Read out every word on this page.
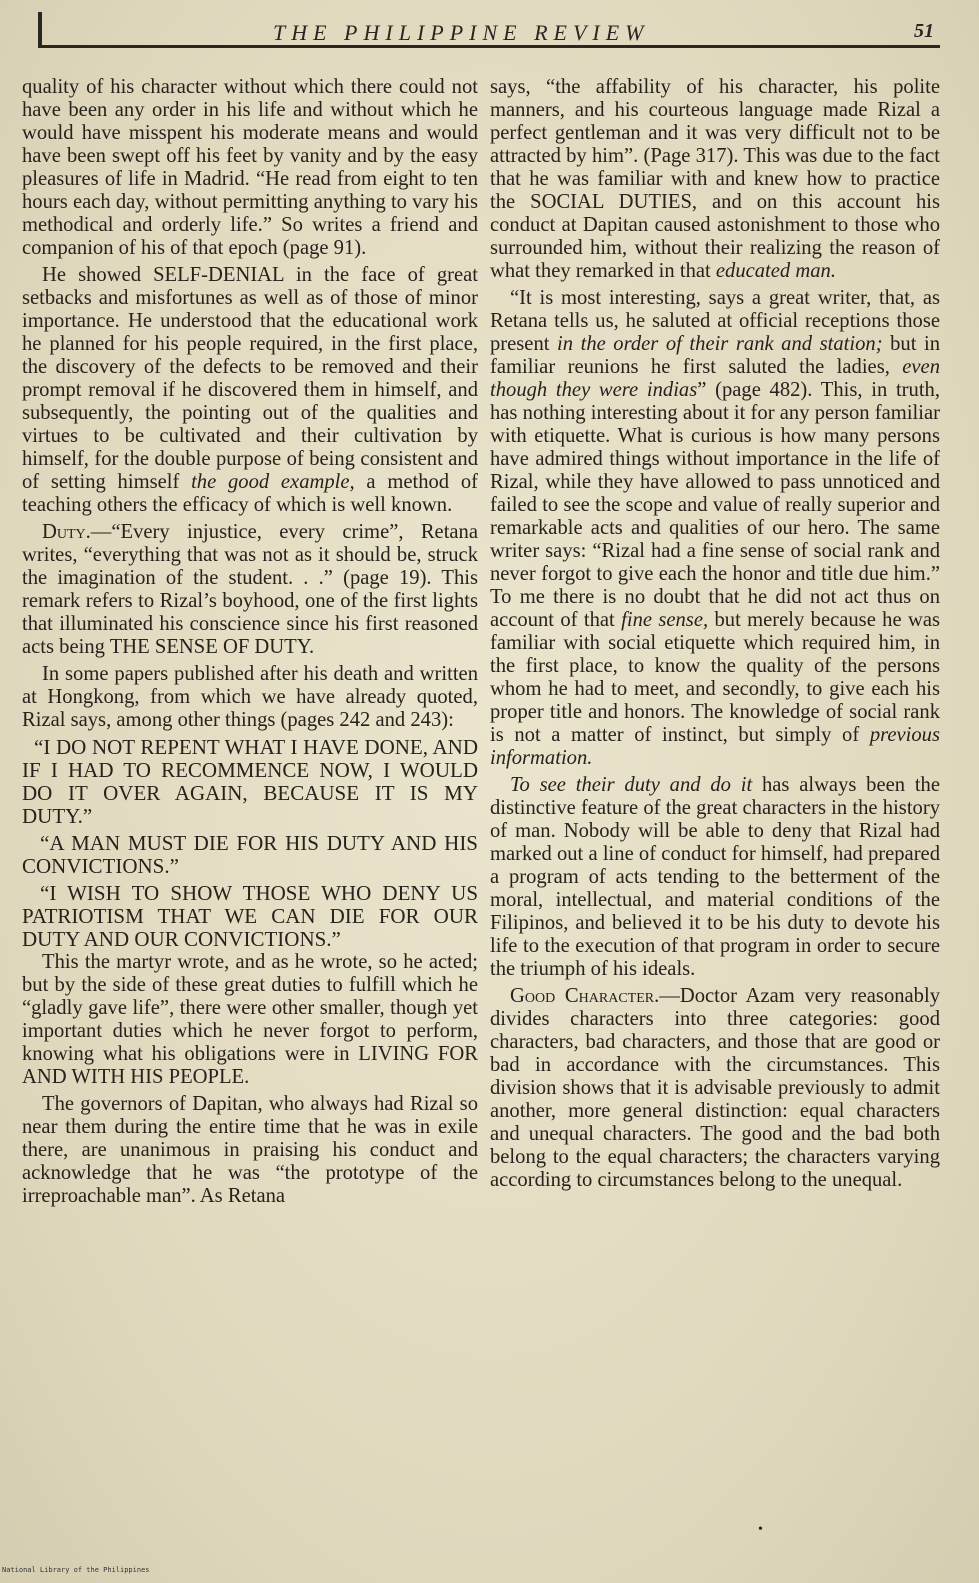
THE PHILIPPINE REVIEW	51

quality of his character without which there could not have been any order in his life and without which he would have misspent his moderate means and would have been swept off his feet by vanity and by the easy pleasures of life in Madrid. “He read from eight to ten hours each day, without permitting anything to vary his methodical and orderly life.” So writes a friend and companion of his of that epoch (page 91).

He showed SELF-DENIAL in the face of great setbacks and misfortunes as well as of those of minor importance. He understood that the educational work he planned for his people required, in the first place, the discovery of the defects to be removed and their prompt removal if he discovered them in himself, and subsequently, the pointing out of the qualities and virtues to be cultivated and their cultivation by himself, for the double purpose of being consistent and of setting himself the good example, a method of teaching others the efficacy of which is well known.

Duty.—“Every injustice, every crime”, Retana writes, “everything that was not as it should be, struck the imagination of the student. . .” (page 19). This remark refers to Rizal’s boyhood, one of the first lights that illuminated his conscience since his first reasoned acts being THE SENSE OF DUTY.

In some papers published after his death and written at Hongkong, from which we have already quoted, Rizal says, among other things (pages 242 and 243):

“I DO NOT REPENT WHAT I HAVE DONE, AND IF I HAD TO RECOMMENCE NOW, I WOULD DO IT OVER AGAIN, BECAUSE IT IS MY DUTY.”

“A MAN MUST DIE FOR HIS DUTY AND HIS CONVICTIONS.”

“I WISH TO SHOW THOSE WHO DENY US PATRIOTISM THAT WE CAN DIE FOR OUR DUTY AND OUR CONVICTIONS.”

This the martyr wrote, and as he wrote, so he acted; but by the side of these great duties to fulfill which he “gladly gave life”, there were other smaller, though yet important duties which he never forgot to perform, knowing what his obligations were in LIVING FOR AND WITH HIS PEOPLE.

The governors of Dapitan, who always had Rizal so near them during the entire time that he was in exile there, are unanimous in praising his conduct and acknowledge that he was “the prototype of the irreproachable man”. As Retana

says, “the affability of his character, his polite manners, and his courteous language made Rizal a perfect gentleman and it was very difficult not to be attracted by him”. (Page 317). This was due to the fact that he was familiar with and knew how to practice the SOCIAL DUTIES, and on this account his conduct at Dapitan caused astonishment to those who surrounded him, without their realizing the reason of what they remarked in that educated man.

“It is most interesting, says a great writer, that, as Retana tells us, he saluted at official receptions those present in the order of their rank and station; but in familiar reunions he first saluted the ladies, even though they were indias” (page 482). This, in truth, has nothing interesting about it for any person familiar with etiquette. What is curious is how many persons have admired things without importance in the life of Rizal, while they have allowed to pass unnoticed and failed to see the scope and value of really superior and remarkable acts and qualities of our hero. The same writer says: “Rizal had a fine sense of social rank and never forgot to give each the honor and title due him.” To me there is no doubt that he did not act thus on account of that fine sense, but merely because he was familiar with social etiquette which required him, in the first place, to know the quality of the persons whom he had to meet, and secondly, to give each his proper title and honors. The knowledge of social rank is not a matter of instinct, but simply of previous information.

To see their duty and do it has always been the distinctive feature of the great characters in the history of man. Nobody will be able to deny that Rizal had marked out a line of conduct for himself, had prepared a program of acts tending to the betterment of the moral, intellectual, and material conditions of the Filipinos, and believed it to be his duty to devote his life to the execution of that program in order to secure the triumph of his ideals.

Good Character.—Doctor Azam very reasonably divides characters into three categories: good characters, bad characters, and those that are good or bad in accordance with the circumstances. This division shows that it is advisable previously to admit another, more general distinction: equal characters and unequal characters. The good and the bad both belong to the equal characters; the characters varying according to circumstances belong to the unequal.

•
National Library of the Philippines
